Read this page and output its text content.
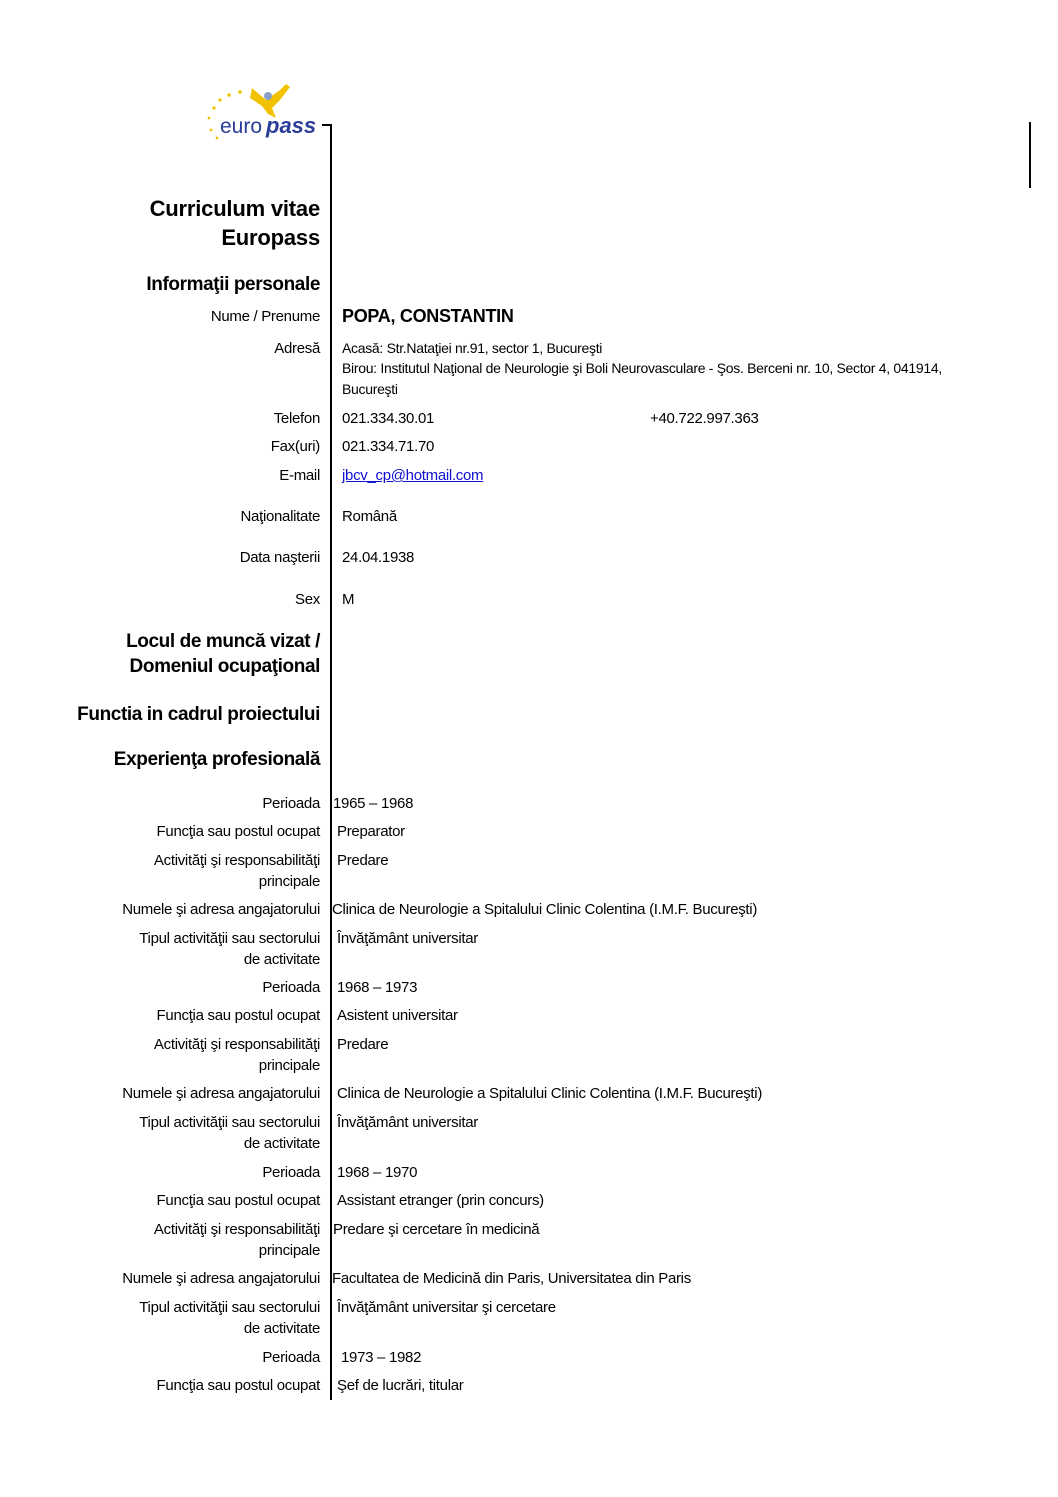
euro pass
Curriculum vitae
Europass
Informaţii personale
Nume / Prenume POPA, CONSTANTIN
Adresă Acasă: Str.Nataţiei nr.91, sector 1, Bucureşti
Birou: Institutul Naţional de Neurologie şi Boli Neurovasculare - Şos. Berceni nr. 10, Sector 4, 041914,
Bucureşti
Telefon 021.334.30.01	+40.722.997.363
Fax(uri) 021.334.71.70
E-mail jbcv_cp@hotmail.com
Naţionalitate Română
Data naşterii 24.04.1938
Sex M
Locul de muncă vizat /
Domeniul ocupaţional
Functia in cadrul proiectului
Experienţa profesională
Perioada 1965 – 1968
Funcţia sau postul ocupat Preparator
Activităţi şi responsabilităţi principale
Predare
Numele şi adresa angajatorului Clinica de Neurologie a Spitalului Clinic Colentina (I.M.F. Bucureşti)
Tipul activităţii sau sectorului de activitate
Învăţământ universitar
Perioada 1968 – 1973
Funcţia sau postul ocupat Asistent universitar
Activităţi şi responsabilităţi principale
Predare
Numele şi adresa angajatorului Clinica de Neurologie a Spitalului Clinic Colentina (I.M.F. Bucureşti)
Tipul activităţii sau sectorului de activitate
Învăţământ universitar
Perioada 1968 – 1970
Funcţia sau postul ocupat Assistant etranger (prin concurs)
Activităţi şi responsabilităţi principale
Predare şi cercetare în medicină
Numele şi adresa angajatorului Facultatea de Medicină din Paris, Universitatea din Paris
Tipul activităţii sau sectorului de activitate
Învăţământ universitar şi cercetare
Perioada 1973 – 1982
Funcţia sau postul ocupat Şef de lucrări, titular
